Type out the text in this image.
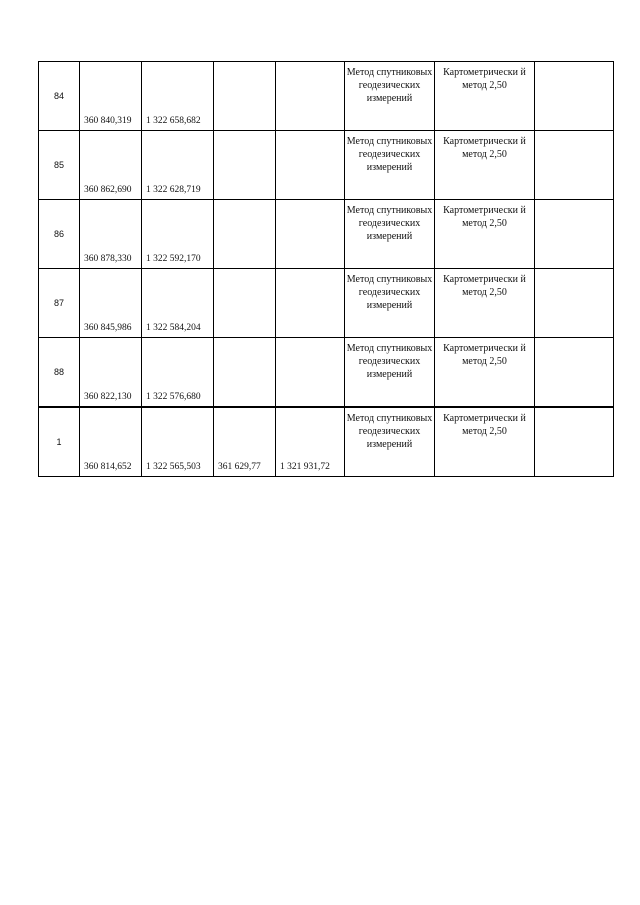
84	360 840,319	1 322 658,682			Метод спутниковых геодезических измерений	Картометрически й метод 2,50	
85	360 862,690	1 322 628,719			Метод спутниковых геодезических измерений	Картометрически й метод 2,50	
86	360 878,330	1 322 592,170			Метод спутниковых геодезических измерений	Картометрически й метод 2,50	
87	360 845,986	1 322 584,204			Метод спутниковых геодезических измерений	Картометрически й метод 2,50	
88	360 822,130	1 322 576,680			Метод спутниковых геодезических измерений	Картометрически й метод 2,50	
1	360 814,652	1 322 565,503	361 629,77	1 321 931,72	Метод спутниковых геодезических измерений	Картометрически й метод 2,50	
